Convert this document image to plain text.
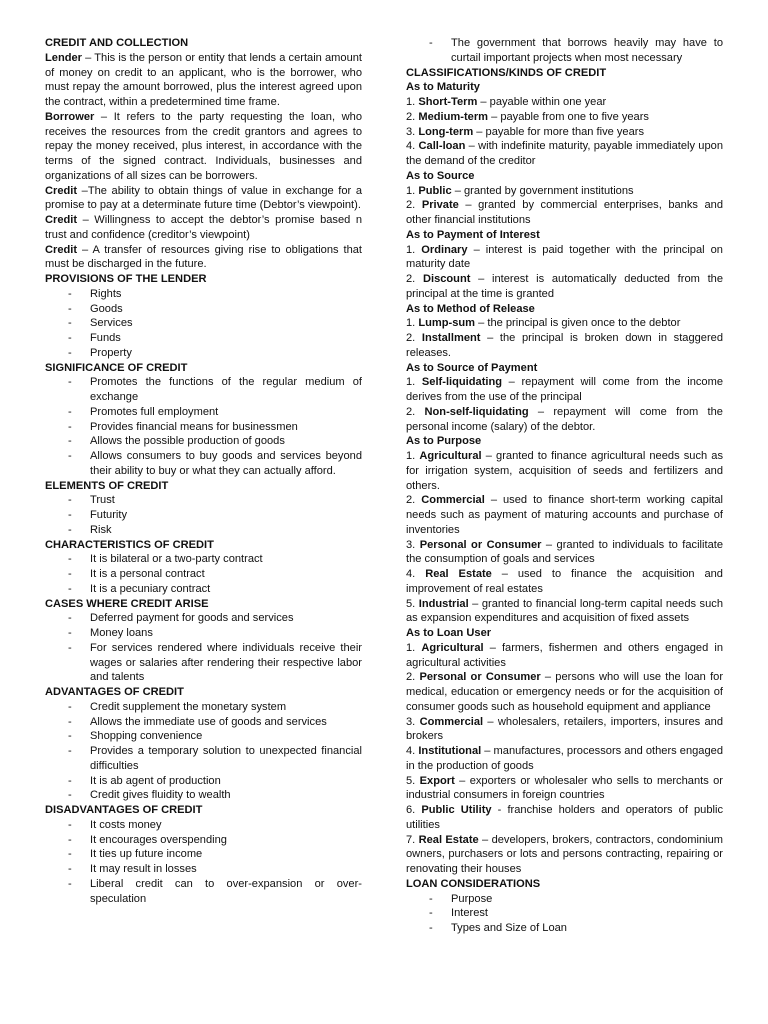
CREDIT AND COLLECTION

Lender – This is the person or entity that lends a certain amount of money on credit to an applicant, who is the borrower, who must repay the amount borrowed, plus the interest agreed upon the contract, within a predetermined time frame.

Borrower – It refers to the party requesting the loan, who receives the resources from the credit grantors and agrees to repay the money received, plus interest, in accordance with the terms of the signed contract. Individuals, businesses and organizations of all sizes can be borrowers.

Credit –The ability to obtain things of value in exchange for a promise to pay at a determinate future time (Debtor’s viewpoint).

Credit – Willingness to accept the debtor’s promise based n trust and confidence (creditor’s viewpoint)

Credit – A transfer of resources giving rise to obligations that must be discharged in the future.

PROVISIONS OF THE LENDER
- Rights
- Goods
- Services
- Funds
- Property
SIGNIFICANCE OF CREDIT
- Promotes the functions of the regular medium of exchange
- Promotes full employment
- Provides financial means for businessmen
- Allows the possible production of goods
- Allows consumers to buy goods and services beyond their ability to buy or what they can actually afford.
ELEMENTS OF CREDIT
- Trust
- Futurity
- Risk
CHARACTERISTICS OF CREDIT
- It is bilateral or a two-party contract
- It is a personal contract
- It is a pecuniary contract
CASES WHERE CREDIT ARISE
- Deferred payment for goods and services
- Money loans
- For services rendered where individuals receive their wages or salaries after rendering their respective labor and talents
ADVANTAGES OF CREDIT
- Credit supplement the monetary system
- Allows the immediate use of goods and services
- Shopping convenience
- Provides a temporary solution to unexpected financial difficulties
- It is ab agent of production
- Credit gives fluidity to wealth
DISADVANTAGES OF CREDIT
- It costs money
- It encourages overspending
- It ties up future income
- It may result in losses
- Liberal credit can to over-expansion or over-speculation
- The government that borrows heavily may have to curtail important projects when most necessary
CLASSIFICATIONS/KINDS OF CREDIT
As to Maturity

1. Short-Term – payable within one year

2. Medium-term – payable from one to five years

3. Long-term – payable for more than five years

4. Call-loan – with indefinite maturity, payable immediately upon the demand of the creditor

As to Source

1. Public – granted by government institutions

2. Private – granted by commercial enterprises, banks and other financial institutions

As to Payment of Interest

1. Ordinary – interest is paid together with the principal on maturity date

2. Discount – interest is automatically deducted from the principal at the time is granted

As to Method of Release

1. Lump-sum – the principal is given once to the debtor

2. Installment – the principal is broken down in staggered releases.

As to Source of Payment

1. Self-liquidating – repayment will come from the income derives from the use of the principal

2. Non-self-liquidating – repayment will come from the personal income (salary) of the debtor.

As to Purpose

1. Agricultural – granted to finance agricultural needs such as for irrigation system, acquisition of seeds and fertilizers and others.

2. Commercial – used to finance short-term working capital needs such as payment of maturing accounts and purchase of inventories

3. Personal or Consumer – granted to individuals to facilitate the consumption of goals and services

4. Real Estate – used to finance the acquisition and improvement of real estates

5. Industrial – granted to financial long-term capital needs such as expansion expenditures and acquisition of fixed assets

As to Loan User

1. Agricultural – farmers, fishermen and others engaged in agricultural activities

2. Personal or Consumer – persons who will use the loan for medical, education or emergency needs or for the acquisition of consumer goods such as household equipment and appliance

3. Commercial – wholesalers, retailers, importers, insures and brokers

4. Institutional – manufactures, processors and others engaged in the production of goods

5. Export – exporters or wholesaler who sells to merchants or industrial consumers in foreign countries

6. Public Utility - franchise holders and operators of public utilities

7. Real Estate – developers, brokers, contractors, condominium owners, purchasers or lots and persons contracting, repairing or renovating their houses

LOAN CONSIDERATIONS
- Purpose
- Interest
- Types and Size of Loan
